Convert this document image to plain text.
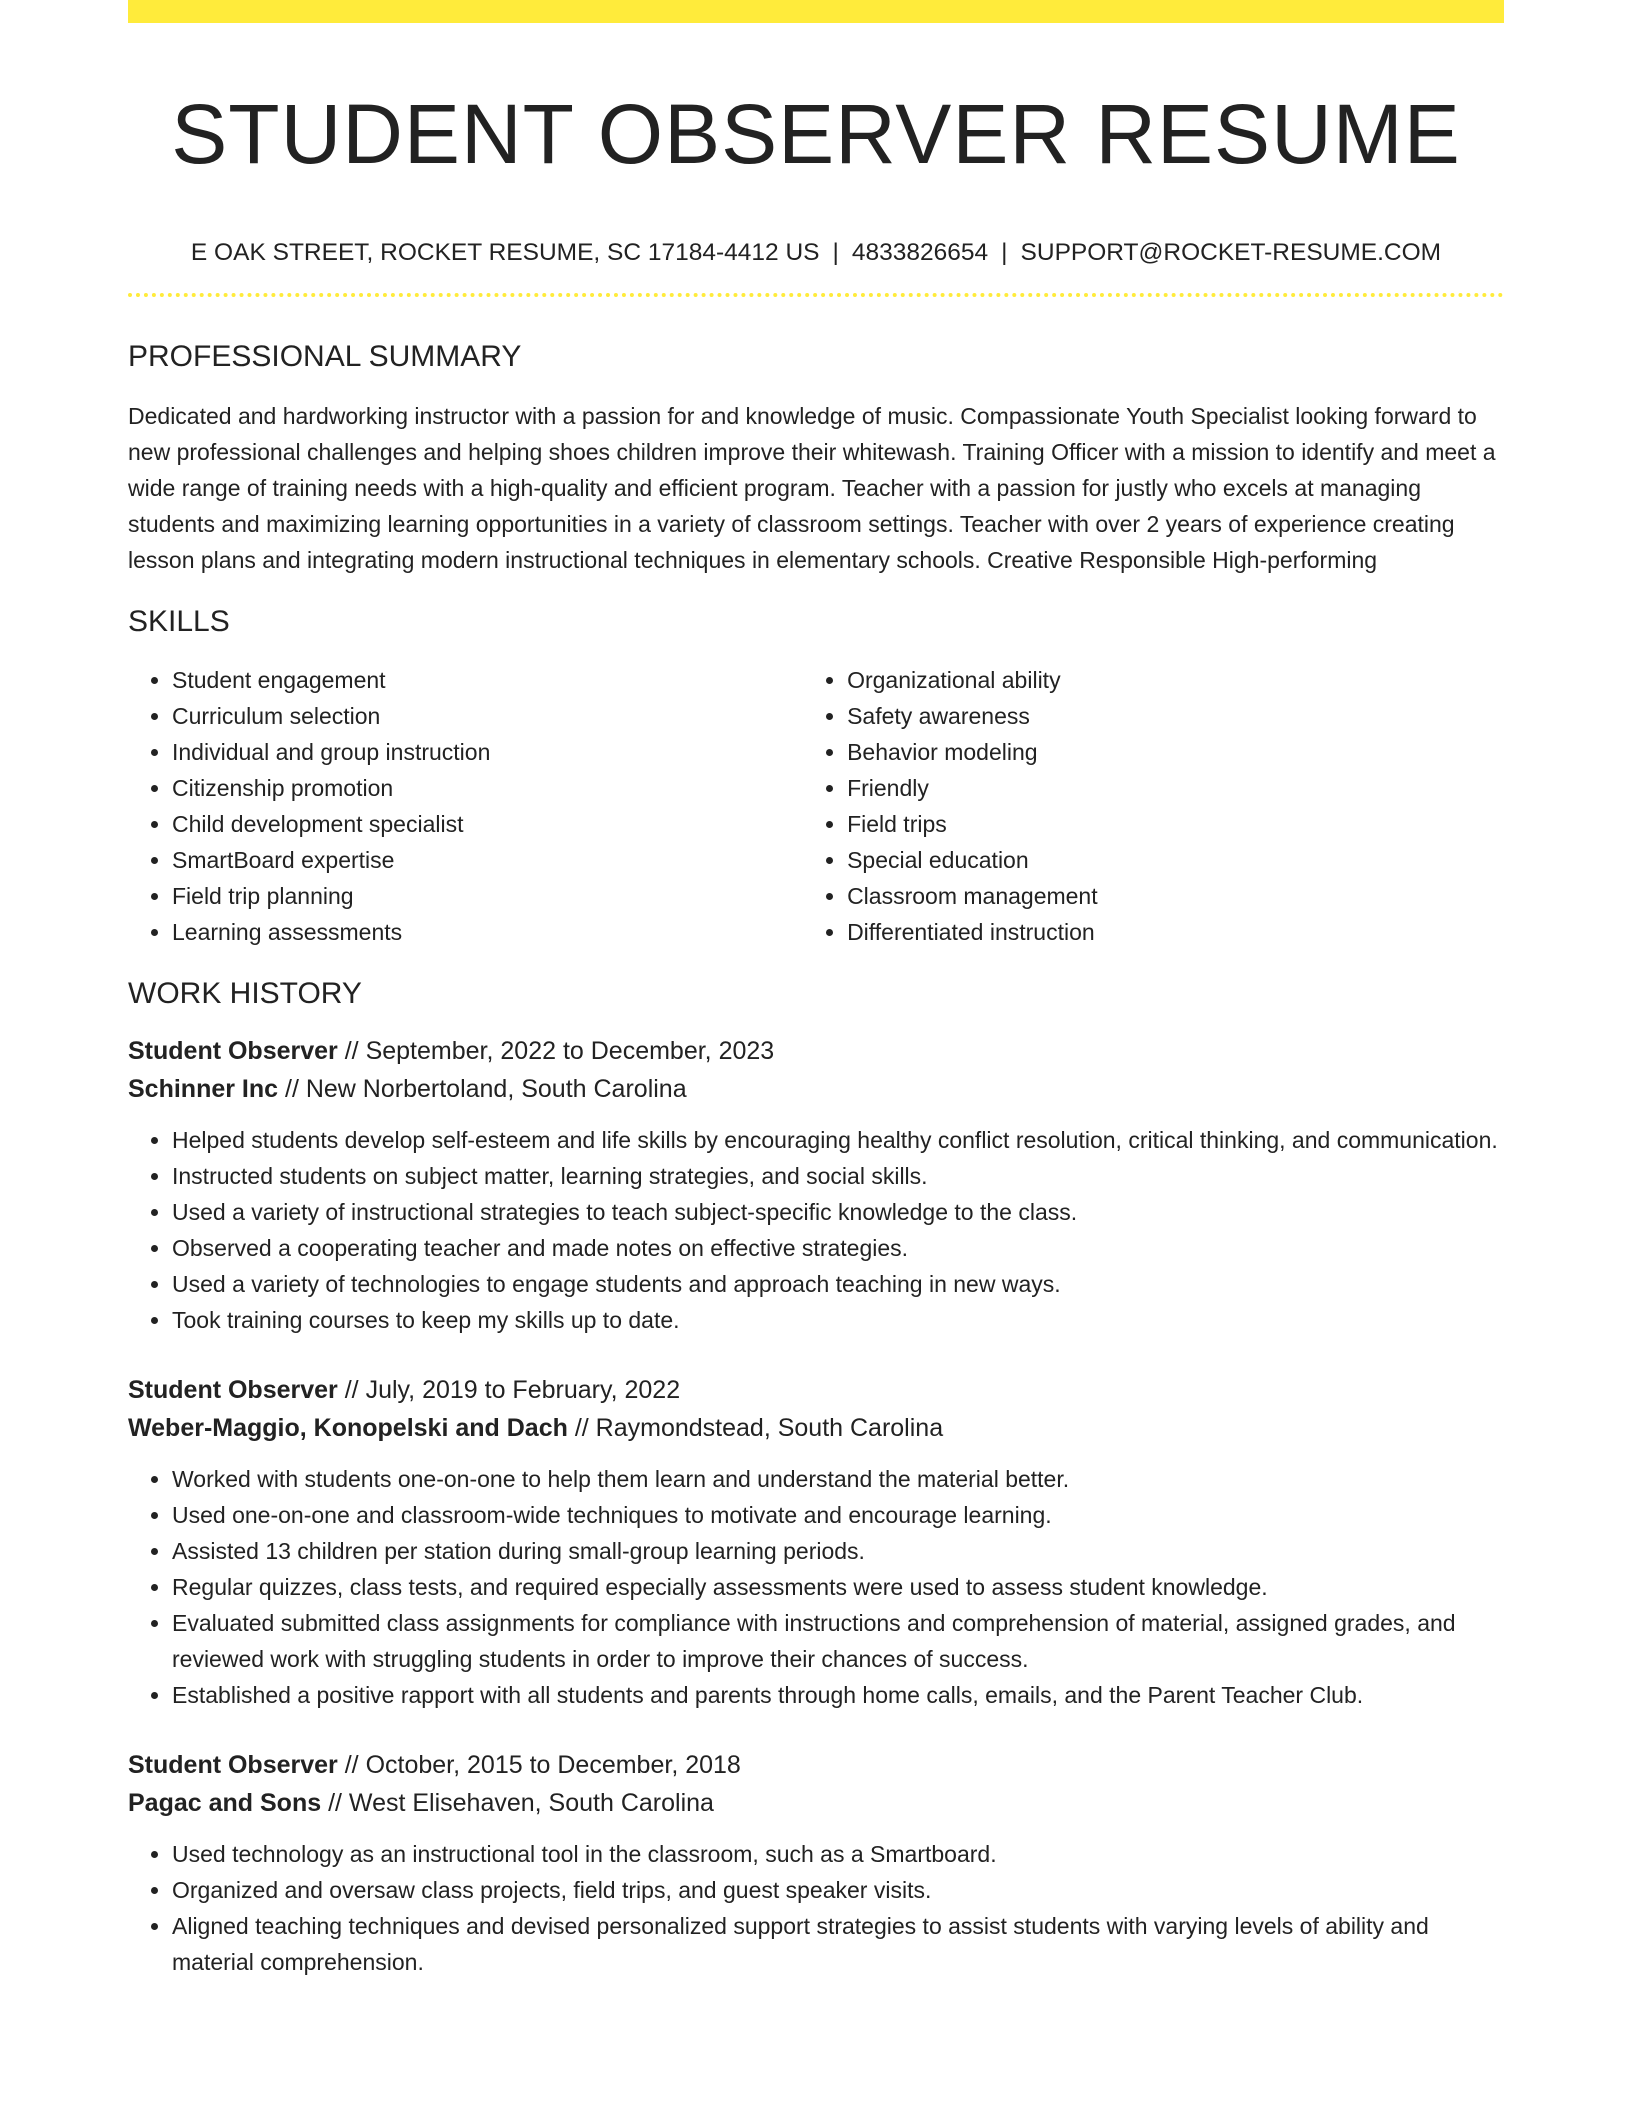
STUDENT OBSERVER RESUME
E OAK STREET, ROCKET RESUME, SC 17184-4412 US | 4833826654 | SUPPORT@ROCKET-RESUME.COM
PROFESSIONAL SUMMARY

Dedicated and hardworking instructor with a passion for and knowledge of music. Compassionate Youth Specialist looking forward to new professional challenges and helping shoes children improve their whitewash. Training Officer with a mission to identify and meet a wide range of training needs with a high-quality and efficient program. Teacher with a passion for justly who excels at managing students and maximizing learning opportunities in a variety of classroom settings. Teacher with over 2 years of experience creating lesson plans and integrating modern instructional techniques in elementary schools. Creative Responsible High-performing

SKILLS
• Student engagement
• Curriculum selection
• Individual and group instruction
• Citizenship promotion
• Child development specialist
• SmartBoard expertise
• Field trip planning
• Learning assessments
• Organizational ability
• Safety awareness
• Behavior modeling
• Friendly
• Field trips
• Special education
• Classroom management
• Differentiated instruction
WORK HISTORY
Student Observer // September, 2022 to December, 2023
Schinner Inc // New Norbertoland, South Carolina
• Helped students develop self-esteem and life skills by encouraging healthy conflict resolution, critical thinking, and communication.
• Instructed students on subject matter, learning strategies, and social skills.
• Used a variety of instructional strategies to teach subject-specific knowledge to the class.
• Observed a cooperating teacher and made notes on effective strategies.
• Used a variety of technologies to engage students and approach teaching in new ways.
• Took training courses to keep my skills up to date.
Student Observer // July, 2019 to February, 2022
Weber-Maggio, Konopelski and Dach // Raymondstead, South Carolina
• Worked with students one-on-one to help them learn and understand the material better.
• Used one-on-one and classroom-wide techniques to motivate and encourage learning.
• Assisted 13 children per station during small-group learning periods.
• Regular quizzes, class tests, and required especially assessments were used to assess student knowledge.
• Evaluated submitted class assignments for compliance with instructions and comprehension of material, assigned grades, and reviewed work with struggling students in order to improve their chances of success.
• Established a positive rapport with all students and parents through home calls, emails, and the Parent Teacher Club.
Student Observer // October, 2015 to December, 2018
Pagac and Sons // West Elisehaven, South Carolina
• Used technology as an instructional tool in the classroom, such as a Smartboard.
• Organized and oversaw class projects, field trips, and guest speaker visits.
• Aligned teaching techniques and devised personalized support strategies to assist students with varying levels of ability and material comprehension.
